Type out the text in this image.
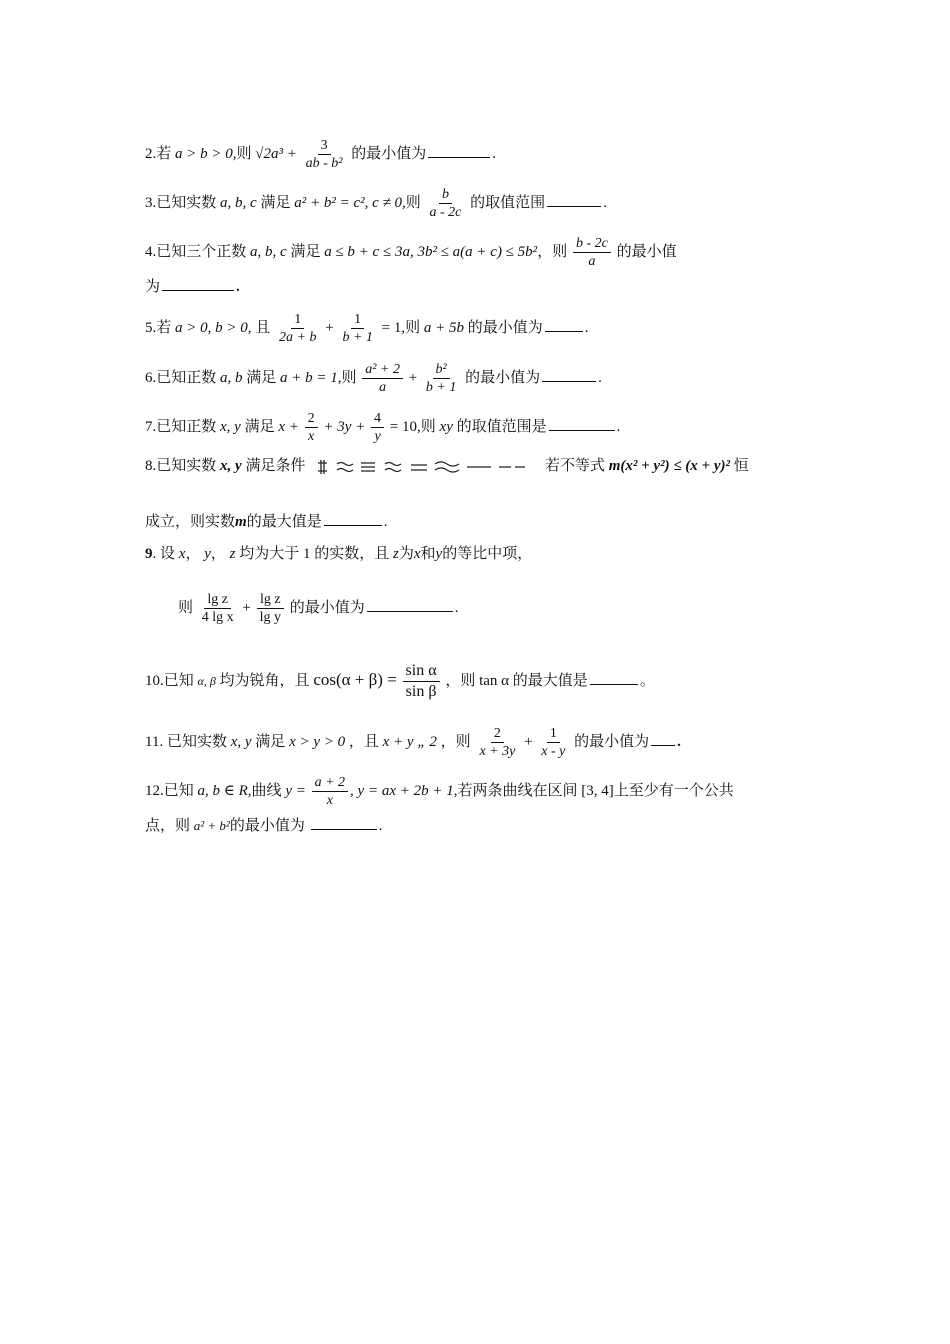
2.若 a > b > 0,则 $√2a^3 + \frac{3}{\text{ab - b²}}$ 的最小值为	.
3.已知实数 a, b, c 满足 a² + b² = c², c ≠ 0,则 $\frac{b}{a - 2c}$ 的取值范围	.
4.已知三个正数 a, b, c 满足 a ≤ b + c ≤ 3a, 3b² ≤ a(a + c) ≤ 5b²，则 $\frac{b - 2c}{a}$ 的最小值
为	.
5.若 a > 0, b > 0, 且 $\frac{1}{2a + b} + \frac{1}{b + 1} = 1$,则 a + 5b 的最小值为	.
6.已知正数 a, b 满足 a + b = 1,则 $\frac{\text{a² + 2}}{a} + \frac{\text{b²}}{b + 1}$ 的最小值为	.
7.已知正数 x, y 满足 $x + \frac{2}{x} + 3y + \frac{4}{y} = 10$,则 xy 的取值范围是	.
8.已知实数 x, y 满足条件	若不等式 m(x² + y²) ≤ (x + y)² 恒
成立，则实数m的最大值是	.
9. 设 x， y， z 均为大于 1 的实数，且 z为x和y的等比中项，
则 $\frac{\text{lg z}}{\text{4 lg x}} + \frac{\text{lg z}}{\text{lg y}}$ 的最小值为	.
10.已知 α, β 均为锐角，且 $\cos(\alpha + \beta) = \frac{\text{sin α}}{\text{sin β}}$ ，则 tan α 的最大值是	。
11. 已知实数 x, y 满足 x > y > 0 ，且 x + y „ 2 ，则 $\frac{2}{x + 3y} + \frac{1}{x - y}$ 的最小值为 .
12.已知 a, b ∈ R,曲线 $y = \frac{a + 2}{x}$ , y = ax + 2b + 1,若两条曲线在区间 [3, 4]上至少有一个公共
点，则 a² + b²的最小值为	.
